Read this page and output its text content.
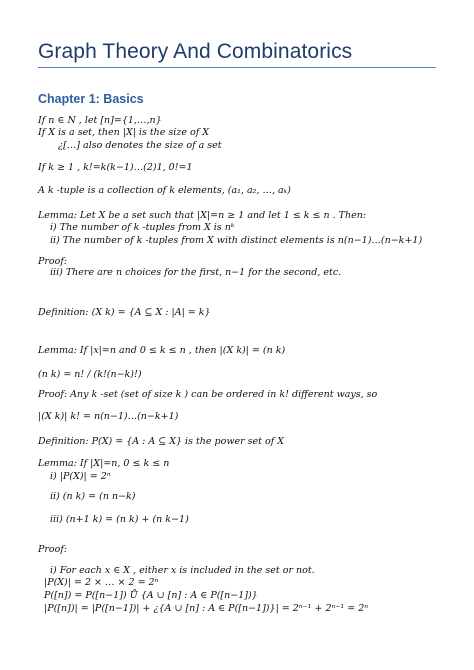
Graph Theory And Combinatorics
Chapter 1: Basics
If n ∈ N , let [n]={1,…,n}
If X is a set, then |X| is the size of X
¿[…] also denotes the size of a set
If k ≥ 1 , k!=k(k−1)…(2)1, 0!=1
A k -tuple is a collection of k elements, (a₁, a₂, …, aₖ)
Lemma: Let X be a set such that |X|=n ≥ 1 and let 1 ≤ k ≤ n . Then:
i) The number of k -tuples from X is nᵏ
ii) The number of k -tuples from X with distinct elements is n(n−1)…(n−k+1)
Proof:
iii) There are n choices for the first, n−1 for the second, etc.
Definition: (X k) = {A ⊆ X : |A| = k}
Lemma: If |x|=n and 0 ≤ k ≤ n , then |(X k)| = (n k)
(n k) = n! / (k!(n−k)!)
Proof: Any k -set (set of size k ) can be ordered in k! different ways, so
|(X k)| k! = n(n−1)…(n−k+1)
Definition: P(X) = {A : A ⊆ X} is the power set of X
Lemma: If |X|=n, 0 ≤ k ≤ n
i) |P(X)| = 2ⁿ
ii) (n k) = (n n−k)
iii) (n+1 k) = (n k) + (n k−1)
Proof:
i) For each x ∈ X , either x is included in the set or not.
|P(X)| = 2 × … × 2 = 2ⁿ
P([n]) = P([n−1]) Ů {A ∪ [n] : A ∈ P([n−1])}
|P([n])| = |P([n−1])| + ¿{A ∪ [n] : A ∈ P([n−1])}| = 2ⁿ⁻¹ + 2ⁿ⁻¹ = 2ⁿ
